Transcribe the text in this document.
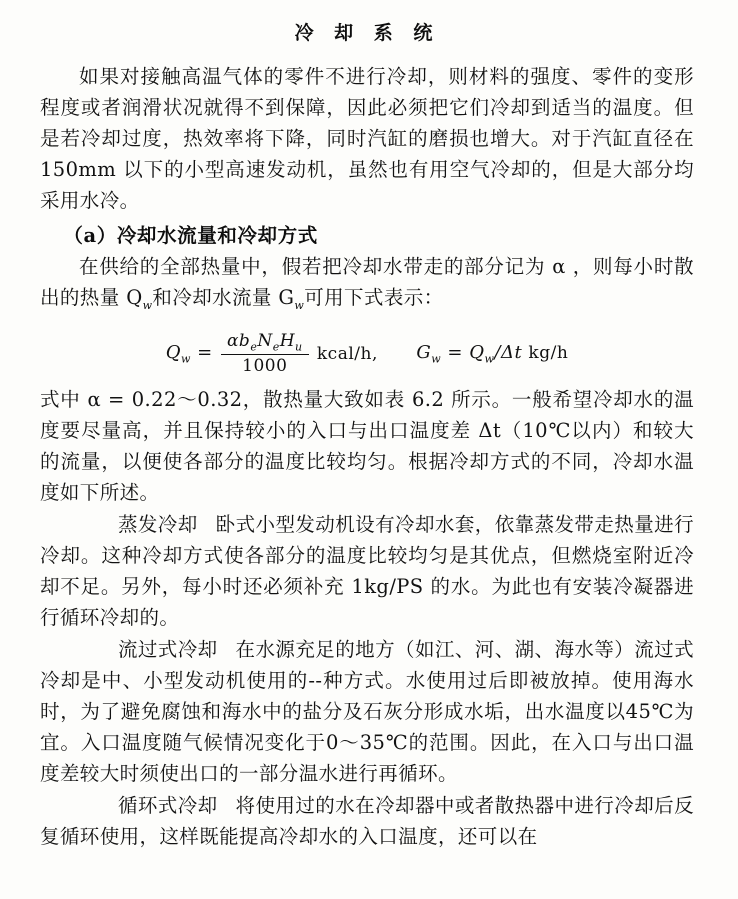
冷 却 系 统

如果对接触高温气体的零件不进行冷却，则材料的强度、零件的变形程度或者润滑状况就得不到保障，因此必须把它们冷却到适当的温度。但是若冷却过度，热效率将下降，同时汽缸的磨损也增大。对于汽缸直径在 150mm 以下的小型高速发动机，虽然也有用空气冷却的，但是大部分均采用水冷。

（a）冷却水流量和冷却方式

在供给的全部热量中，假若把冷却水带走的部分记为 α ，则每小时散出的热量 $Q_w$和冷却水流量 $G_w$可用下式表示：

$Q_w = \frac{\alpha b_eN_eH_u}{1000}$ kcal/h, $G_w = Q_w/\Delta t$ kg/h

式中 α = 0.22～0.32，散热量大致如表 6.2 所示。一般希望冷却水的温度要尽量高，并且保持较小的入口与出口温度差 Δt（10℃以内）和较大的流量，以便使各部分的温度比较均匀。根据冷却方式的不同，冷却水温度如下所述。

蒸发冷却 卧式小型发动机设有冷却水套，依靠蒸发带走热量进行冷却。这种冷却方式使各部分的温度比较均匀是其优点，但燃烧室附近冷却不足。另外，每小时还必须补充 1kg/PS 的水。为此也有安装冷凝器进行循环冷却的。

流过式冷却 在水源充足的地方（如江、河、湖、海水等）流过式冷却是中、小型发动机使用的--种方式。水使用过后即被放掉。使用海水时，为了避免腐蚀和海水中的盐分及石灰分形成水垢，出水温度以45℃为宜。入口温度随气候情况变化于0～35℃的范围。因此，在入口与出口温度差较大时须使出口的一部分温水进行再循环。

循环式冷却 将使用过的水在冷却器中或者散热器中进行冷却后反复循环使用，这样既能提高冷却水的入口温度，还可以在
